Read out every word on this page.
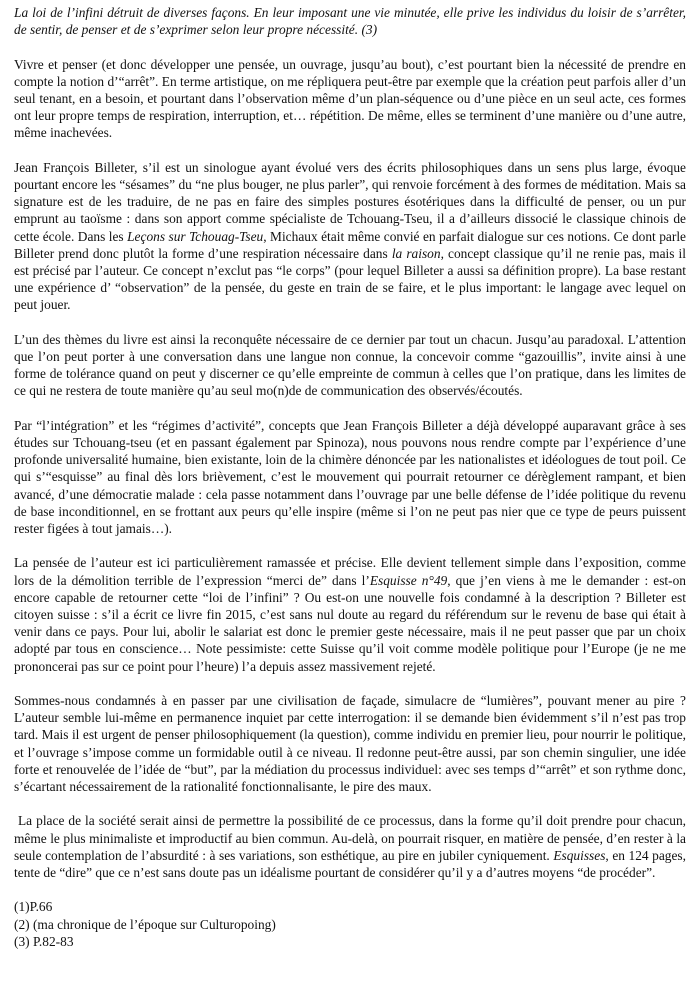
La loi de l’infini détruit de diverses façons. En leur imposant une vie minutée, elle prive les individus du loisir de s’arrêter, de sentir, de penser et de s’exprimer selon leur propre nécessité. (3)

Vivre et penser (et donc développer une pensée, un ouvrage, jusqu’au bout), c’est pourtant bien la nécessité de prendre en compte la notion d’“arrêt”. En terme artistique, on me répliquera peut-être par exemple que la création peut parfois aller d’un seul tenant, en a besoin, et pourtant dans l’observation même d’un plan-séquence ou d’une pièce en un seul acte, ces formes ont leur propre temps de respiration, interruption, et… répétition. De même, elles se terminent d’une manière ou d’une autre, même inachevées.

Jean François Billeter, s’il est un sinologue ayant évolué vers des écrits philosophiques dans un sens plus large, évoque pourtant encore les “sésames” du “ne plus bouger, ne plus parler”, qui renvoie forcément à des formes de méditation. Mais sa signature est de les traduire, de ne pas en faire des simples postures ésotériques dans la difficulté de penser, ou un pur emprunt au taoïsme : dans son apport comme spécialiste de Tchouang-Tseu, il a d’ailleurs dissocié le classique chinois de cette école. Dans les Leçons sur Tchouag-Tseu, Michaux était même convié en parfait dialogue sur ces notions. Ce dont parle Billeter prend donc plutôt la forme d’une respiration nécessaire dans la raison, concept classique qu’il ne renie pas, mais il est précisé par l’auteur. Ce concept n’exclut pas “le corps” (pour lequel Billeter a aussi sa définition propre). La base restant une expérience d’ “observation” de la pensée, du geste en train de se faire, et le plus important: le langage avec lequel on peut jouer.

L’un des thèmes du livre est ainsi la reconquête nécessaire de ce dernier par tout un chacun. Jusqu’au paradoxal. L’attention que l’on peut porter à une conversation dans une langue non connue, la concevoir comme “gazouillis”, invite ainsi à une forme de tolérance quand on peut y discerner ce qu’elle empreinte de commun à celles que l’on pratique, dans les limites de ce qui ne restera de toute manière qu’au seul mo(n)de de communication des observés/écoutés.

Par “l’intégration” et les “régimes d’activité”, concepts que Jean François Billeter a déjà développé auparavant grâce à ses études sur Tchouang-tseu (et en passant également par Spinoza), nous pouvons nous rendre compte par l’expérience d’une profonde universalité humaine, bien existante, loin de la chimère dénoncée par les nationalistes et idéologues de tout poil. Ce qui s’“esquisse” au final dès lors brièvement, c’est le mouvement qui pourrait retourner ce dérèglement rampant, et bien avancé, d’une démocratie malade : cela passe notamment dans l’ouvrage par une belle défense de l’idée politique du revenu de base inconditionnel, en se frottant aux peurs qu’elle inspire (même si l’on ne peut pas nier que ce type de peurs puissent rester figées à tout jamais…).

La pensée de l’auteur est ici particulièrement ramassée et précise. Elle devient tellement simple dans l’exposition, comme lors de la démolition terrible de l’expression “merci de” dans l’Esquisse n°49, que j’en viens à me le demander : est-on encore capable de retourner cette “loi de l’infini” ? Ou est-on une nouvelle fois condamné à la description ? Billeter est citoyen suisse : s’il a écrit ce livre fin 2015, c’est sans nul doute au regard du référendum sur le revenu de base qui était à venir dans ce pays. Pour lui, abolir le salariat est donc le premier geste nécessaire, mais il ne peut passer que par un choix adopté par tous en conscience… Note pessimiste: cette Suisse qu’il voit comme modèle politique pour l’Europe (je ne me prononcerai pas sur ce point pour l’heure) l’a depuis assez massivement rejeté.

Sommes-nous condamnés à en passer par une civilisation de façade, simulacre de “lumières”, pouvant mener au pire ? L’auteur semble lui-même en permanence inquiet par cette interrogation: il se demande bien évidemment s’il n’est pas trop tard. Mais il est urgent de penser philosophiquement (la question), comme individu en premier lieu, pour nourrir le politique, et l’ouvrage s’impose comme un formidable outil à ce niveau. Il redonne peut-être aussi, par son chemin singulier, une idée forte et renouvelée de l’idée de “but”, par la médiation du processus individuel: avec ses temps d’“arrêt” et son rythme donc, s’écartant nécessairement de la rationalité fonctionnalisante, le pire des maux.

La place de la société serait ainsi de permettre la possibilité de ce processus, dans la forme qu’il doit prendre pour chacun, même le plus minimaliste et improductif au bien commun. Au-delà, on pourrait risquer, en matière de pensée, d’en rester à la seule contemplation de l’absurdité : à ses variations, son esthétique, au pire en jubiler cyniquement. Esquisses, en 124 pages, tente de “dire” que ce n’est sans doute pas un idéalisme pourtant de considérer qu’il y a d’autres moyens “de procéder”.

(1)P.66
(2) (ma chronique de l’époque sur Culturopoing)
(3) P.82-83
